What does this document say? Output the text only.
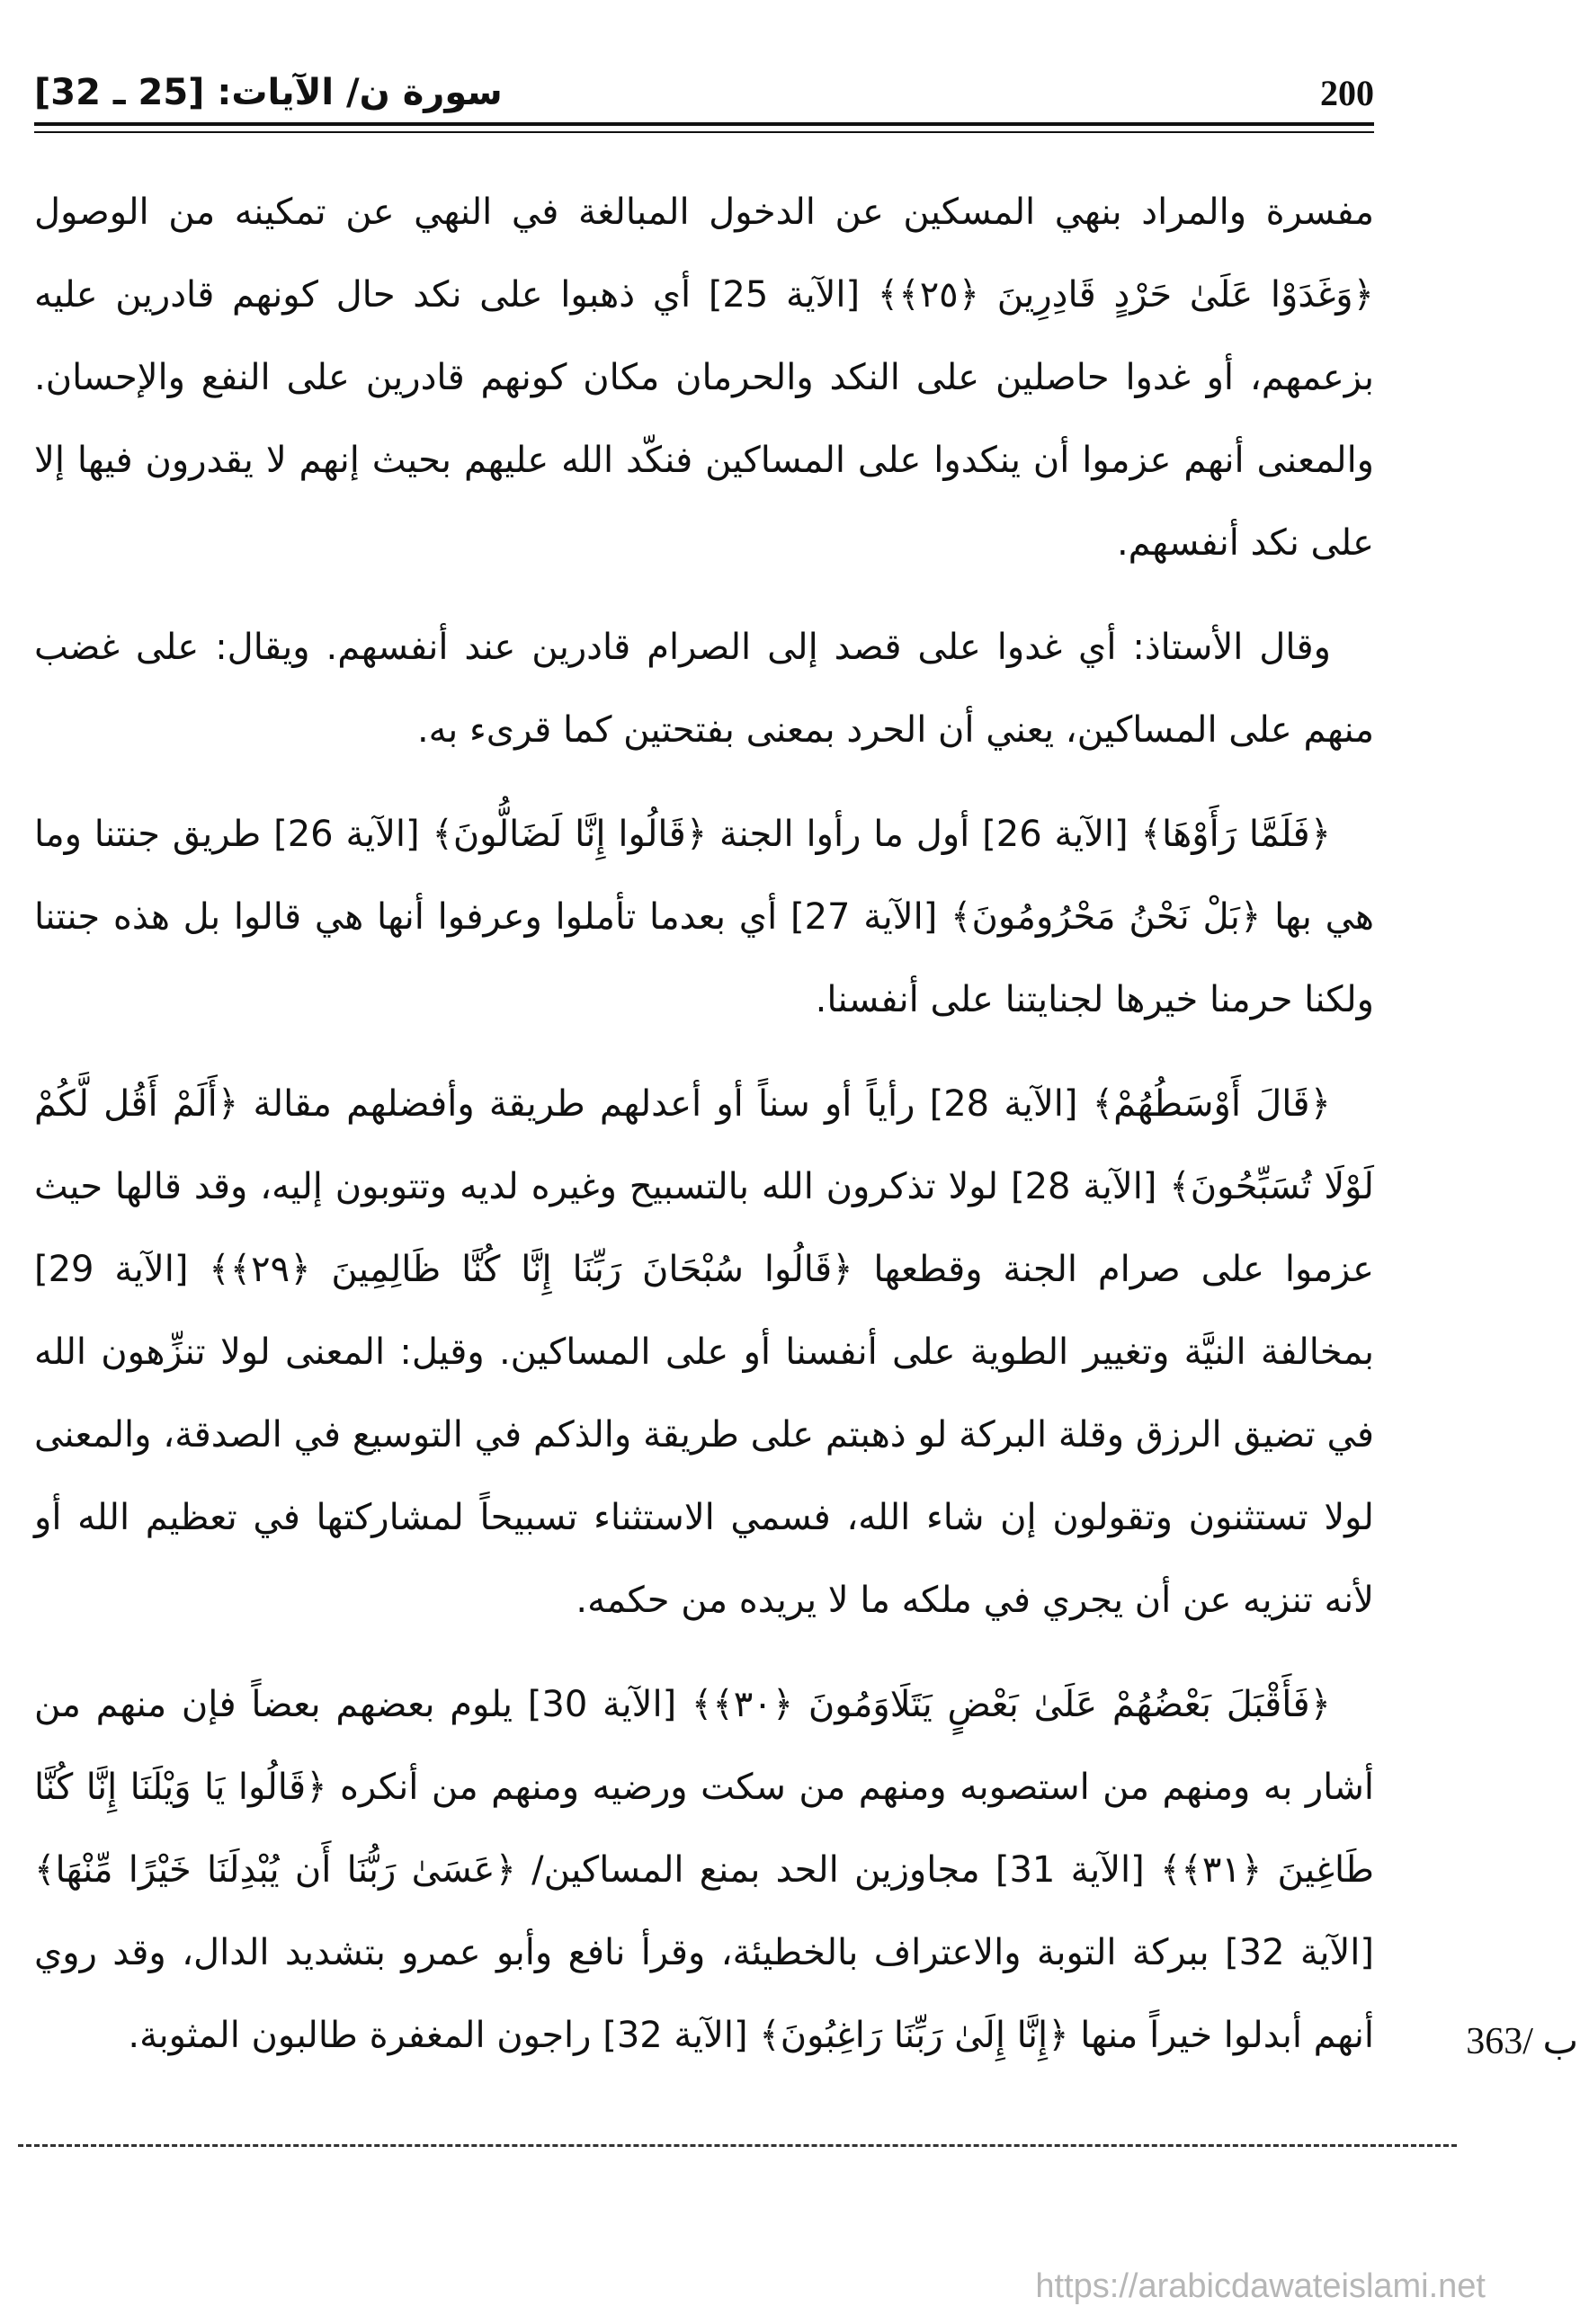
200
سورة ن/ الآيات: [25 ـ 32]

مفسرة والمراد بنهي المسكين عن الدخول المبالغة في النهي عن تمكينه من الوصول ﴿وَغَدَوْا عَلَىٰ حَرْدٍ قَادِرِينَ ﴿٢٥﴾﴾ [الآية 25] أي ذهبوا على نكد حال كونهم قادرين عليه بزعمهم، أو غدوا حاصلين على النكد والحرمان مكان كونهم قادرين على النفع والإحسان. والمعنى أنهم عزموا أن ينكدوا على المساكين فنكّد الله عليهم بحيث إنهم لا يقدرون فيها إلا على نكد أنفسهم.

وقال الأستاذ: أي غدوا على قصد إلى الصرام قادرين عند أنفسهم. ويقال: على غضب منهم على المساكين، يعني أن الحرد بمعنى بفتحتين كما قرىء به.

﴿فَلَمَّا رَأَوْهَا﴾ [الآية 26] أول ما رأوا الجنة ﴿قَالُوا إِنَّا لَضَالُّونَ﴾ [الآية 26] طريق جنتنا وما هي بها ﴿بَلْ نَحْنُ مَحْرُومُونَ﴾ [الآية 27] أي بعدما تأملوا وعرفوا أنها هي قالوا بل هذه جنتنا ولكنا حرمنا خيرها لجنايتنا على أنفسنا.

﴿قَالَ أَوْسَطُهُمْ﴾ [الآية 28] رأياً أو سناً أو أعدلهم طريقة وأفضلهم مقالة ﴿أَلَمْ أَقُل لَّكُمْ لَوْلَا تُسَبِّحُونَ﴾ [الآية 28] لولا تذكرون الله بالتسبيح وغيره لديه وتتوبون إليه، وقد قالها حيث عزموا على صرام الجنة وقطعها ﴿قَالُوا سُبْحَانَ رَبِّنَا إِنَّا كُنَّا ظَالِمِينَ ﴿٢٩﴾﴾ [الآية 29] بمخالفة النيَّة وتغيير الطوية على أنفسنا أو على المساكين. وقيل: المعنى لولا تنزِّهون الله في تضيق الرزق وقلة البركة لو ذهبتم على طريقة والذكم في التوسيع في الصدقة، والمعنى لولا تستثنون وتقولون إن شاء الله، فسمي الاستثناء تسبيحاً لمشاركتها في تعظيم الله أو لأنه تنزيه عن أن يجري في ملكه ما لا يريده من حكمه.

﴿فَأَقْبَلَ بَعْضُهُمْ عَلَىٰ بَعْضٍ يَتَلَاوَمُونَ ﴿٣٠﴾﴾ [الآية 30] يلوم بعضهم بعضاً فإن منهم من أشار به ومنهم من استصوبه ومنهم من سكت ورضيه ومنهم من أنكره ﴿قَالُوا يَا وَيْلَنَا إِنَّا كُنَّا طَاغِينَ ﴿٣١﴾﴾ [الآية 31] مجاوزين الحد بمنع المساكين/ ﴿عَسَىٰ رَبُّنَا أَن يُبْدِلَنَا خَيْرًا مِّنْهَا﴾ [الآية 32] ببركة التوبة والاعتراف بالخطيئة، وقرأ نافع وأبو عمرو بتشديد الدال، وقد روي أنهم أبدلوا خيراً منها ﴿إِنَّا إِلَىٰ رَبِّنَا رَاغِبُونَ﴾ [الآية 32] راجون المغفرة طالبون المثوبة. 363/ ب
https://arabicdawateislami.net
